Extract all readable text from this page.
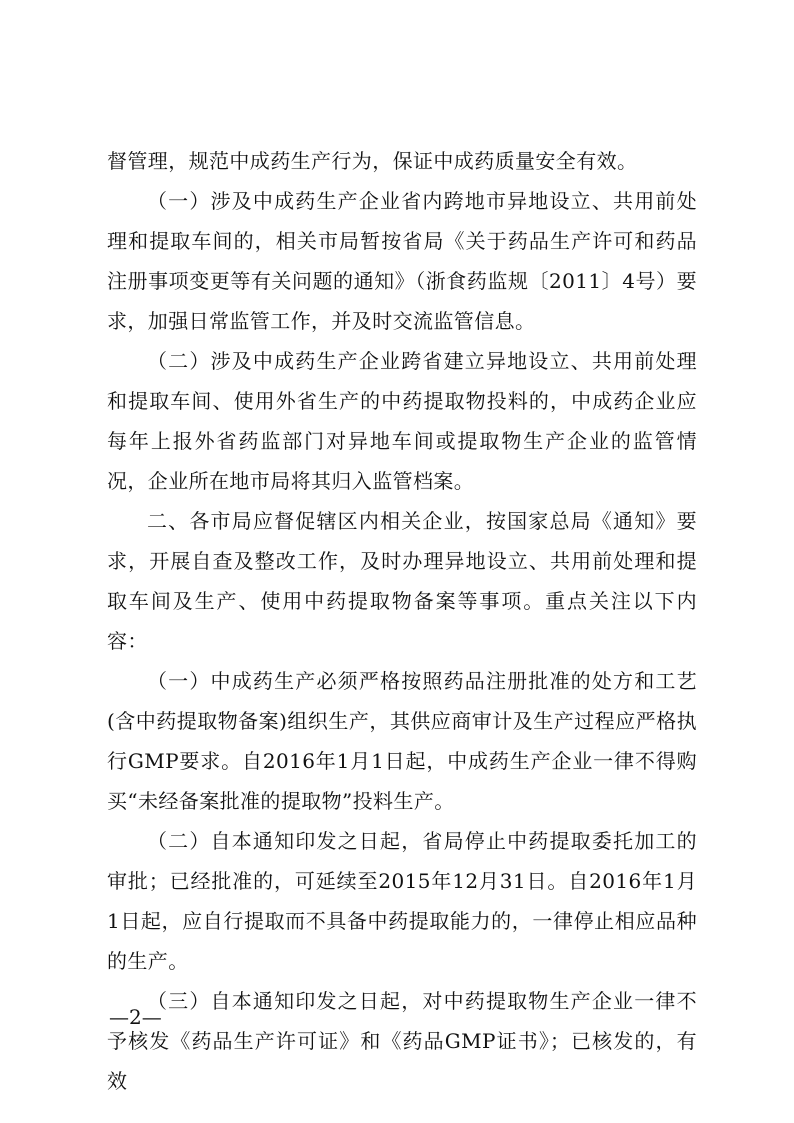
督管理，规范中成药生产行为，保证中成药质量安全有效。

（一）涉及中成药生产企业省内跨地市异地设立、共用前处理和提取车间的，相关市局暂按省局《关于药品生产许可和药品注册事项变更等有关问题的通知》（浙食药监规〔2011〕4号）要求，加强日常监管工作，并及时交流监管信息。

（二）涉及中成药生产企业跨省建立异地设立、共用前处理和提取车间、使用外省生产的中药提取物投料的，中成药企业应每年上报外省药监部门对异地车间或提取物生产企业的监管情况，企业所在地市局将其归入监管档案。

二、各市局应督促辖区内相关企业，按国家总局《通知》要求，开展自查及整改工作，及时办理异地设立、共用前处理和提取车间及生产、使用中药提取物备案等事项。重点关注以下内容：

（一）中成药生产必须严格按照药品注册批准的处方和工艺(含中药提取物备案)组织生产，其供应商审计及生产过程应严格执行GMP要求。自2016年1月1日起，中成药生产企业一律不得购买“未经备案批准的提取物”投料生产。

（二）自本通知印发之日起，省局停止中药提取委托加工的审批；已经批准的，可延续至2015年12月31日。自2016年1月1日起，应自行提取而不具备中药提取能力的，一律停止相应品种的生产。

（三）自本通知印发之日起，对中药提取物生产企业一律不予核发《药品生产许可证》和《药品GMP证书》；已核发的，有效

—2—
